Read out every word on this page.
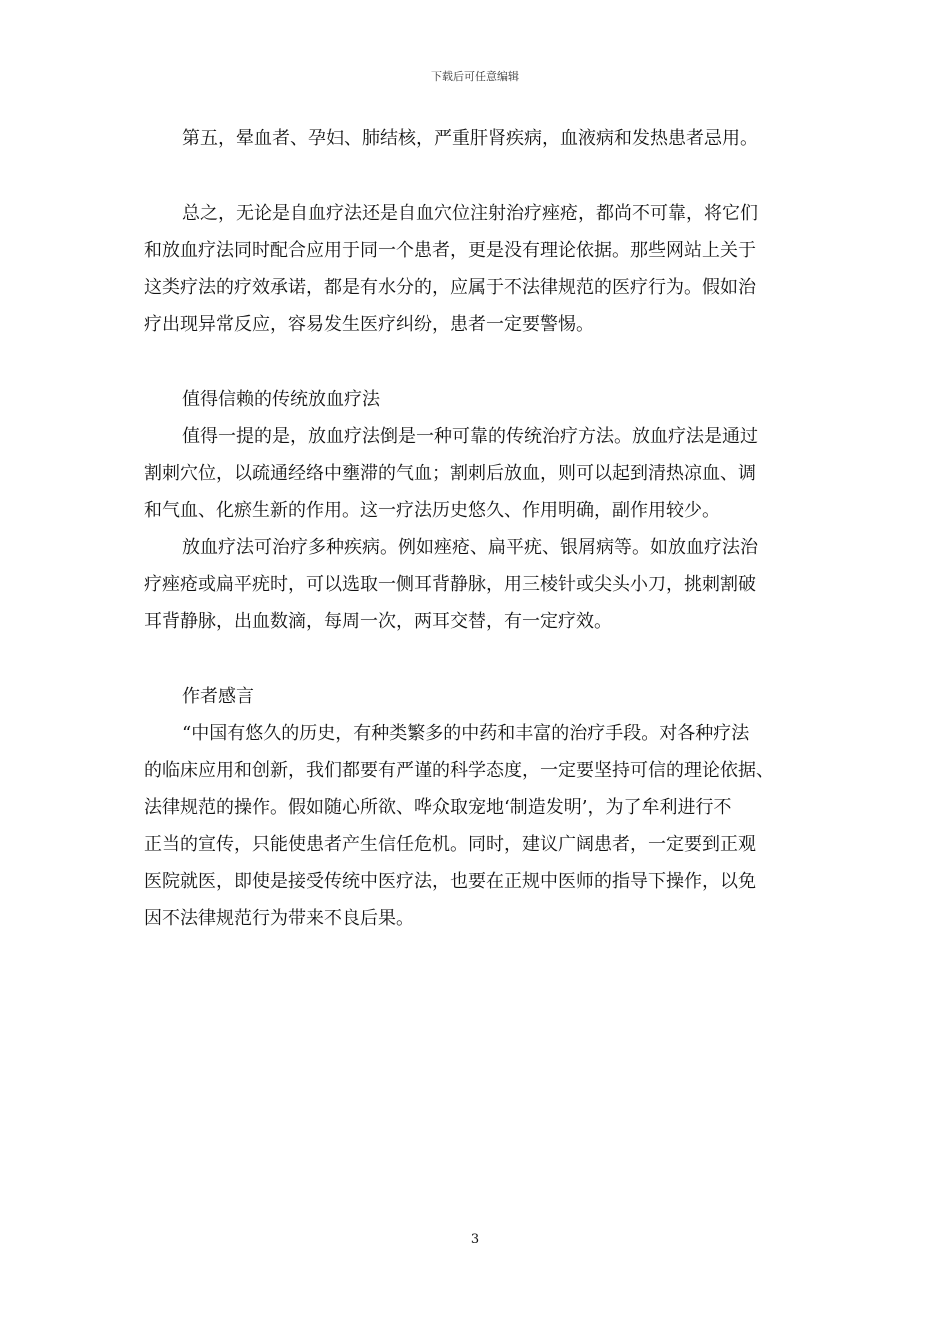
下载后可任意编辑
第五，晕血者、孕妇、肺结核，严重肝肾疾病，血液病和发热患者忌用。
总之，无论是自血疗法还是自血穴位注射治疗痤疮，都尚不可靠，将它们
和放血疗法同时配合应用于同一个患者，更是没有理论依据。那些网站上关于
这类疗法的疗效承诺，都是有水分的，应属于不法律规范的医疗行为。假如治
疗出现异常反应，容易发生医疗纠纷，患者一定要警惕。
值得信赖的传统放血疗法
值得一提的是，放血疗法倒是一种可靠的传统治疗方法。放血疗法是通过
割刺穴位，以疏通经络中壅滞的气血；割刺后放血，则可以起到清热凉血、调
和气血、化瘀生新的作用。这一疗法历史悠久、作用明确，副作用较少。
放血疗法可治疗多种疾病。例如痤疮、扁平疣、银屑病等。如放血疗法治
疗痤疮或扁平疣时，可以选取一侧耳背静脉，用三棱针或尖头小刀，挑刺割破
耳背静脉，出血数滴，每周一次，两耳交替，有一定疗效。
作者感言
“中国有悠久的历史，有种类繁多的中药和丰富的治疗手段。对各种疗法
的临床应用和创新，我们都要有严谨的科学态度，一定要坚持可信的理论依据、
法律规范的操作。假如随心所欲、哗众取宠地‘制造发明’，为了牟利进行不
正当的宣传，只能使患者产生信任危机。同时，建议广阔患者，一定要到正观
医院就医，即使是接受传统中医疗法，也要在正规中医师的指导下操作，以免
因不法律规范行为带来不良后果。
3
